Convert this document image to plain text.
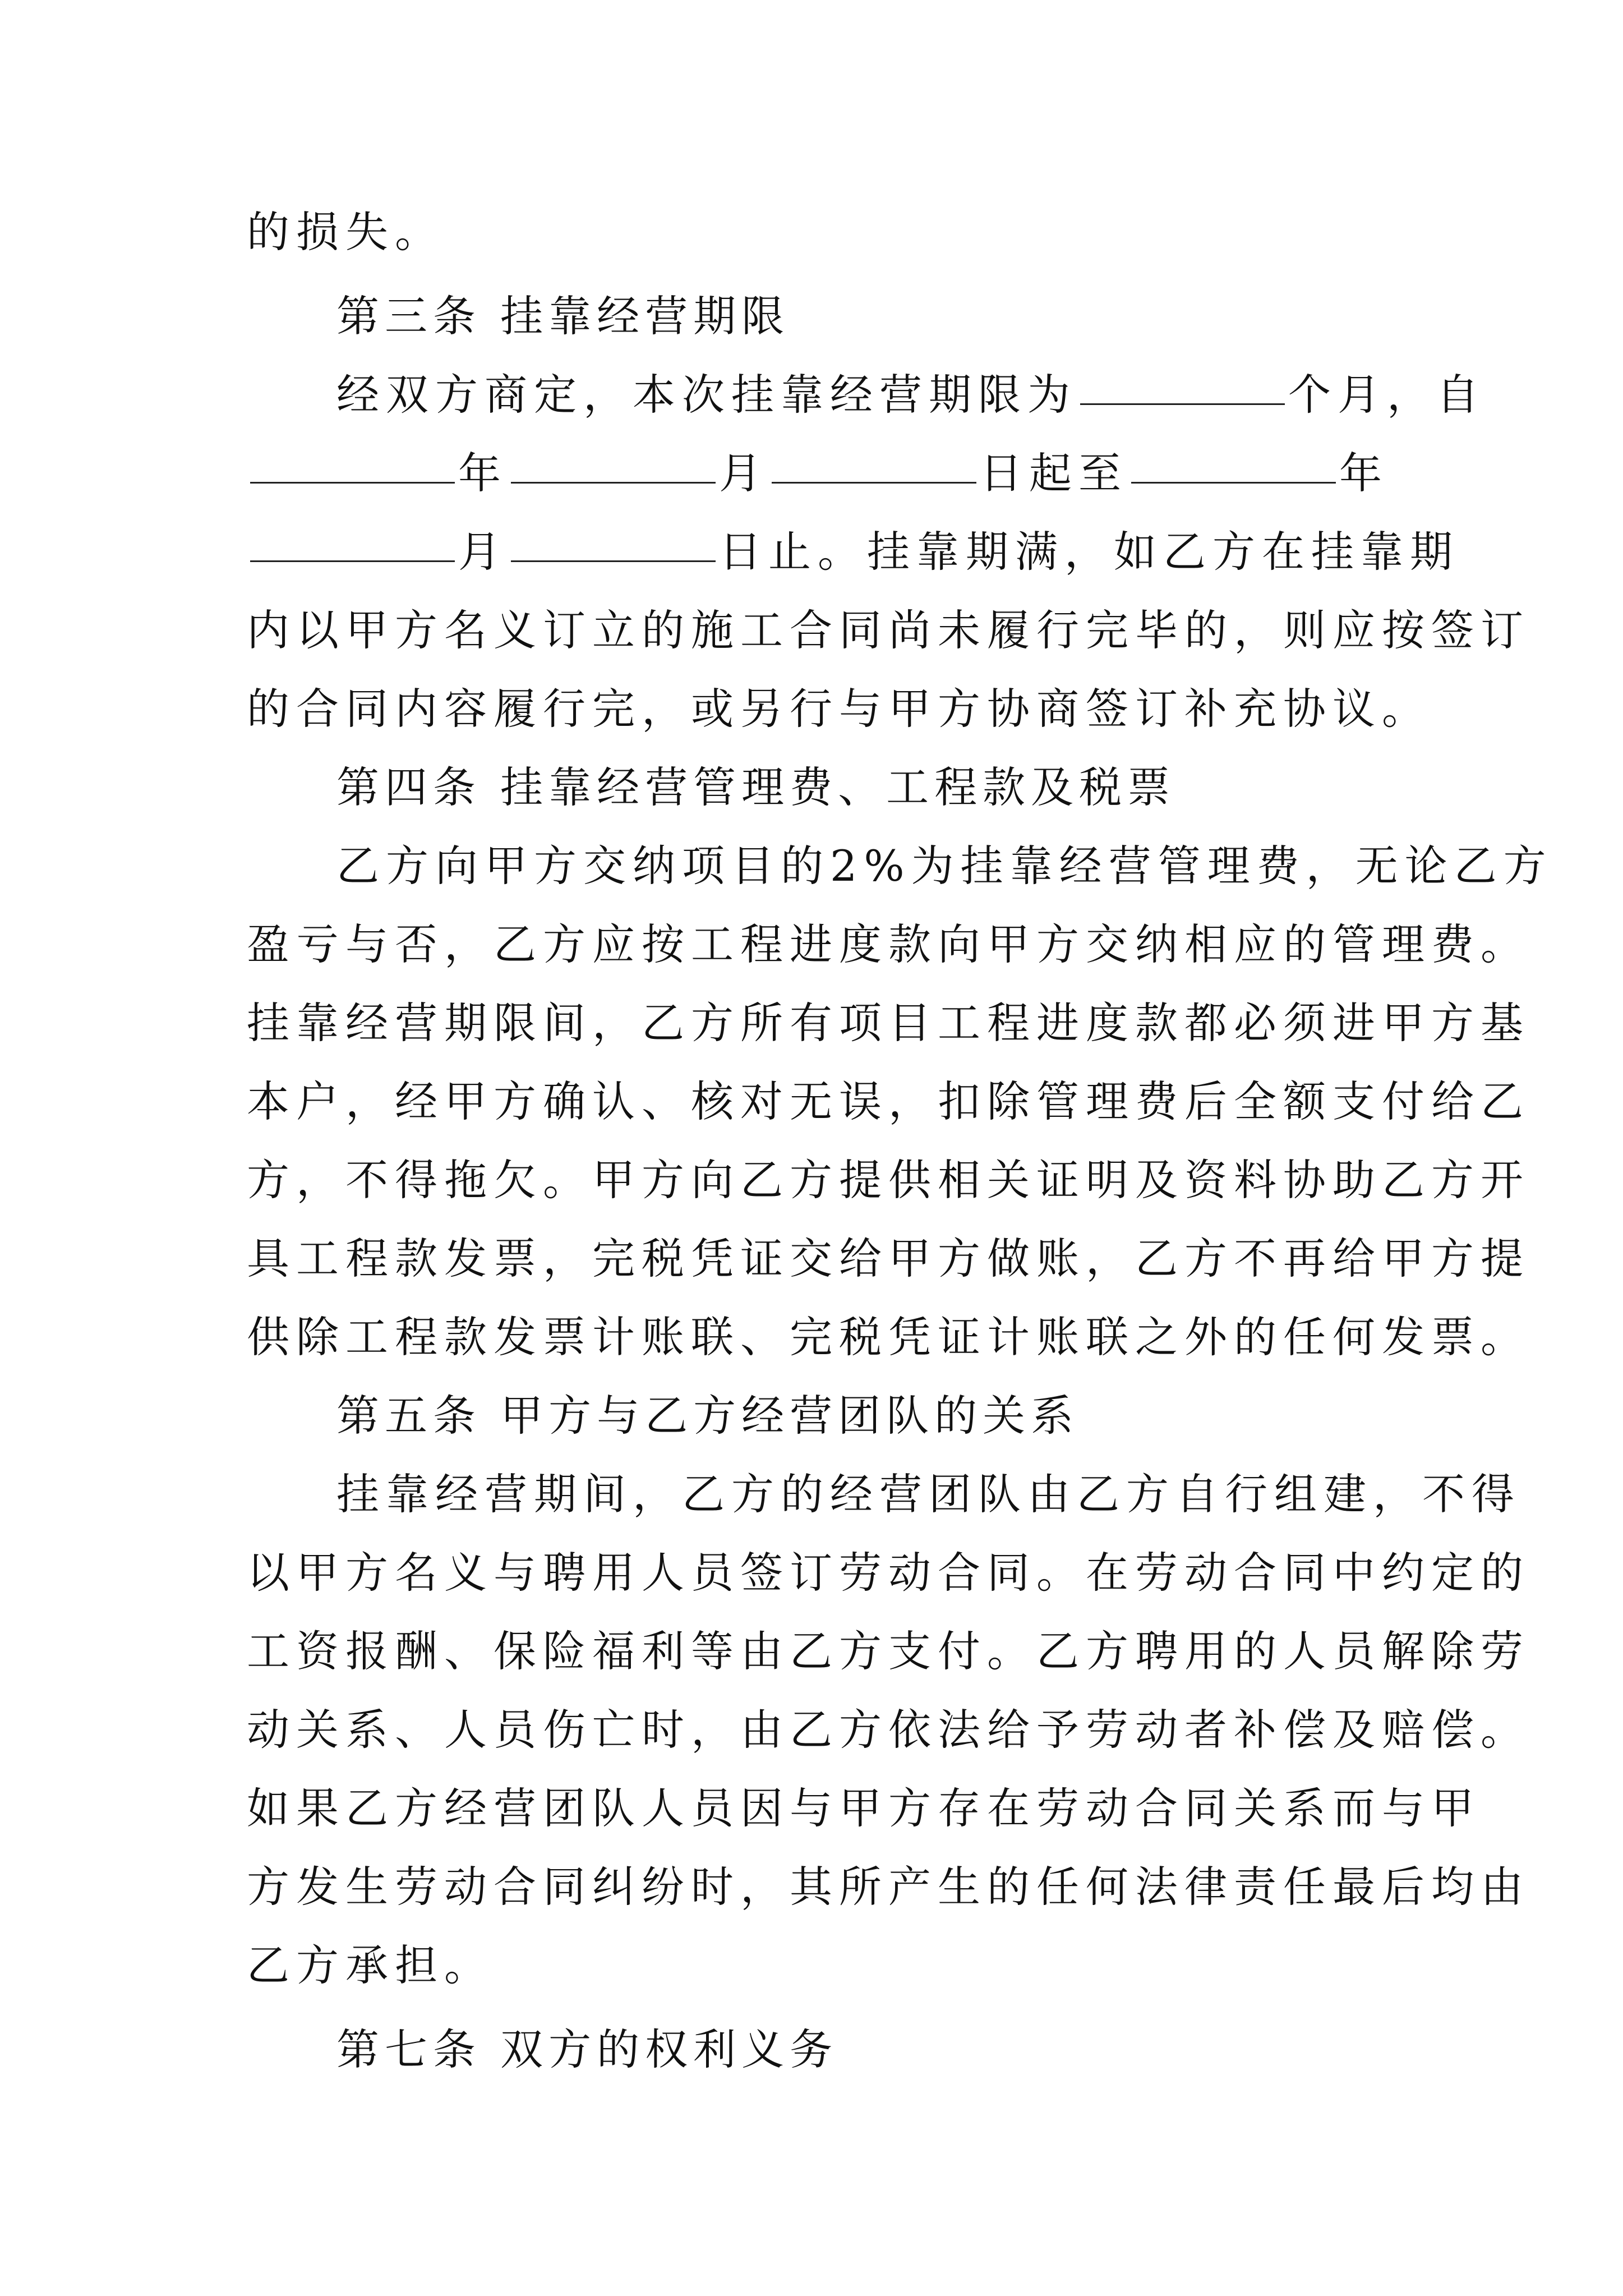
的损失。
第三条 挂靠经营期限
经双方商定，本次挂靠经营期限为	个月，自
年	月	日起至	年
月	日止。挂靠期满，如乙方在挂靠期
内以甲方名义订立的施工合同尚未履行完毕的，则应按签订
的合同内容履行完，或另行与甲方协商签订补充协议。
第四条 挂靠经营管理费、工程款及税票
乙方向甲方交纳项目的2%为挂靠经营管理费，无论乙方
盈亏与否，乙方应按工程进度款向甲方交纳相应的管理费。
挂靠经营期限间，乙方所有项目工程进度款都必须进甲方基
本户，经甲方确认、核对无误，扣除管理费后全额支付给乙
方，不得拖欠。甲方向乙方提供相关证明及资料协助乙方开
具工程款发票，完税凭证交给甲方做账，乙方不再给甲方提
供除工程款发票计账联、完税凭证计账联之外的任何发票。
第五条 甲方与乙方经营团队的关系
挂靠经营期间，乙方的经营团队由乙方自行组建，不得
以甲方名义与聘用人员签订劳动合同。在劳动合同中约定的
工资报酬、保险福利等由乙方支付。乙方聘用的人员解除劳
动关系、人员伤亡时，由乙方依法给予劳动者补偿及赔偿。
如果乙方经营团队人员因与甲方存在劳动合同关系而与甲
方发生劳动合同纠纷时，其所产生的任何法律责任最后均由
乙方承担。
第七条 双方的权利义务
